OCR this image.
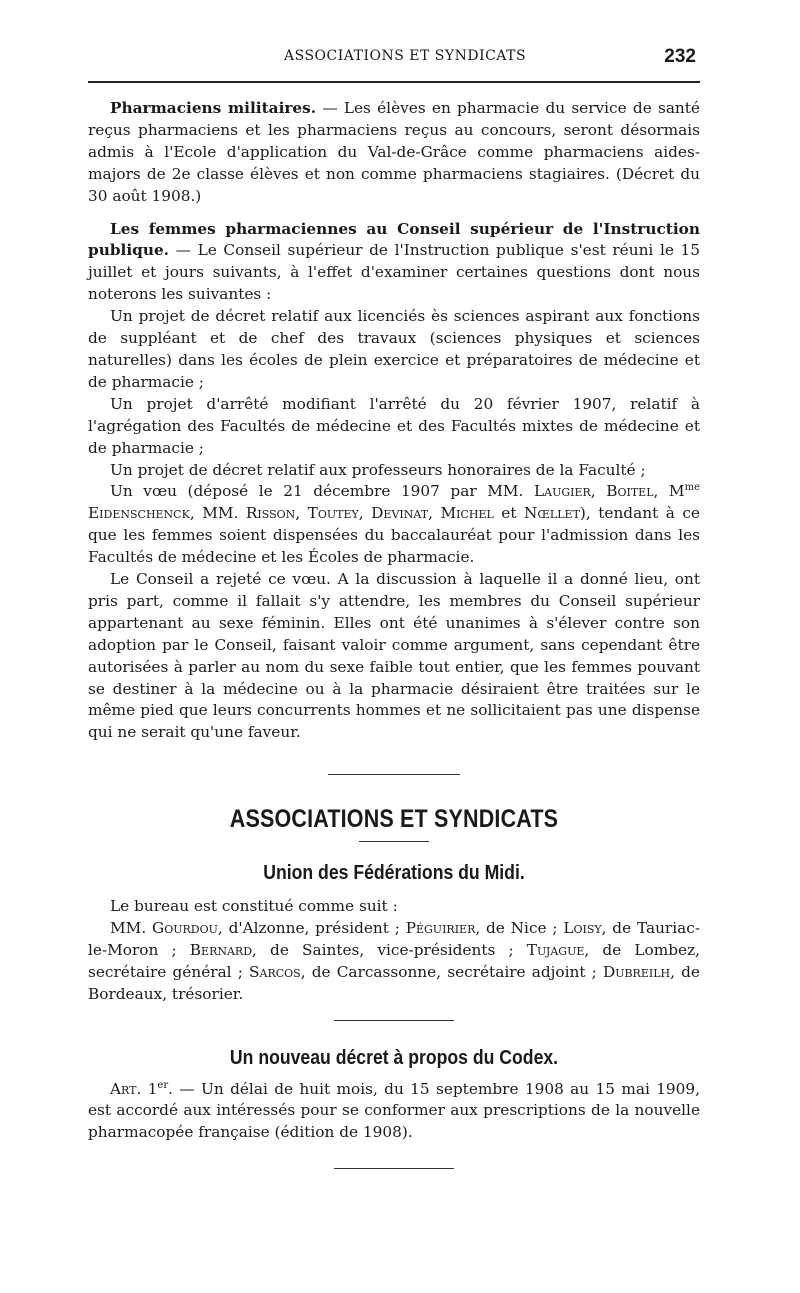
ASSOCIATIONS ET SYNDICATS	232

Pharmaciens militaires. — Les élèves en pharmacie du service de santé reçus pharmaciens et les pharmaciens reçus au concours, seront désormais admis à l'Ecole d'application du Val-de-Grâce comme pharmaciens aides-majors de 2e classe élèves et non comme pharmaciens stagiaires. (Décret du 30 août 1908.)

Les femmes pharmaciennes au Conseil supérieur de l'Instruction publique. — Le Conseil supérieur de l'Instruction publique s'est réuni le 15 juillet et jours suivants, à l'effet d'examiner certaines questions dont nous noterons les suivantes :

Un projet de décret relatif aux licenciés ès sciences aspirant aux fonctions de suppléant et de chef des travaux (sciences physiques et sciences naturelles) dans les écoles de plein exercice et préparatoires de médecine et de pharmacie ;

Un projet d'arrêté modifiant l'arrêté du 20 février 1907, relatif à l'agrégation des Facultés de médecine et des Facultés mixtes de médecine et de pharmacie ;

Un projet de décret relatif aux professeurs honoraires de la Faculté ;

Un vœu (déposé le 21 décembre 1907 par MM. Laugier, Boitel, $M^{me}$ Eidenschenck, MM. Risson, Toutey, Devinat, Michel et Nœllet), tendant à ce que les femmes soient dispensées du baccalauréat pour l'admission dans les Facultés de médecine et les Écoles de pharmacie.

Le Conseil a rejeté ce vœu. A la discussion à laquelle il a donné lieu, ont pris part, comme il fallait s'y attendre, les membres du Conseil supérieur appartenant au sexe féminin. Elles ont été unanimes à s'élever contre son adoption par le Conseil, faisant valoir comme argument, sans cependant être autorisées à parler au nom du sexe faible tout entier, que les femmes pouvant se destiner à la médecine ou à la pharmacie désiraient être traitées sur le même pied que leurs concurrents hommes et ne sollicitaient pas une dispense qui ne serait qu'une faveur.

ASSOCIATIONS ET SYNDICATS
Union des Fédérations du Midi.

Le bureau est constitué comme suit :

MM. Gourdou, d'Alzonne, président ; Péguirier, de Nice ; Loisy, de Tauriac-le-Moron ; Bernard, de Saintes, vice-présidents ; Tujague, de Lombez, secrétaire général ; Sarcos, de Carcassonne, secrétaire adjoint ; Dubreilh, de Bordeaux, trésorier.

Un nouveau décret à propos du Codex.

Art. 1er. — Un délai de huit mois, du 15 septembre 1908 au 15 mai 1909, est accordé aux intéressés pour se conformer aux prescriptions de la nouvelle pharmacopée française (édition de 1908).
